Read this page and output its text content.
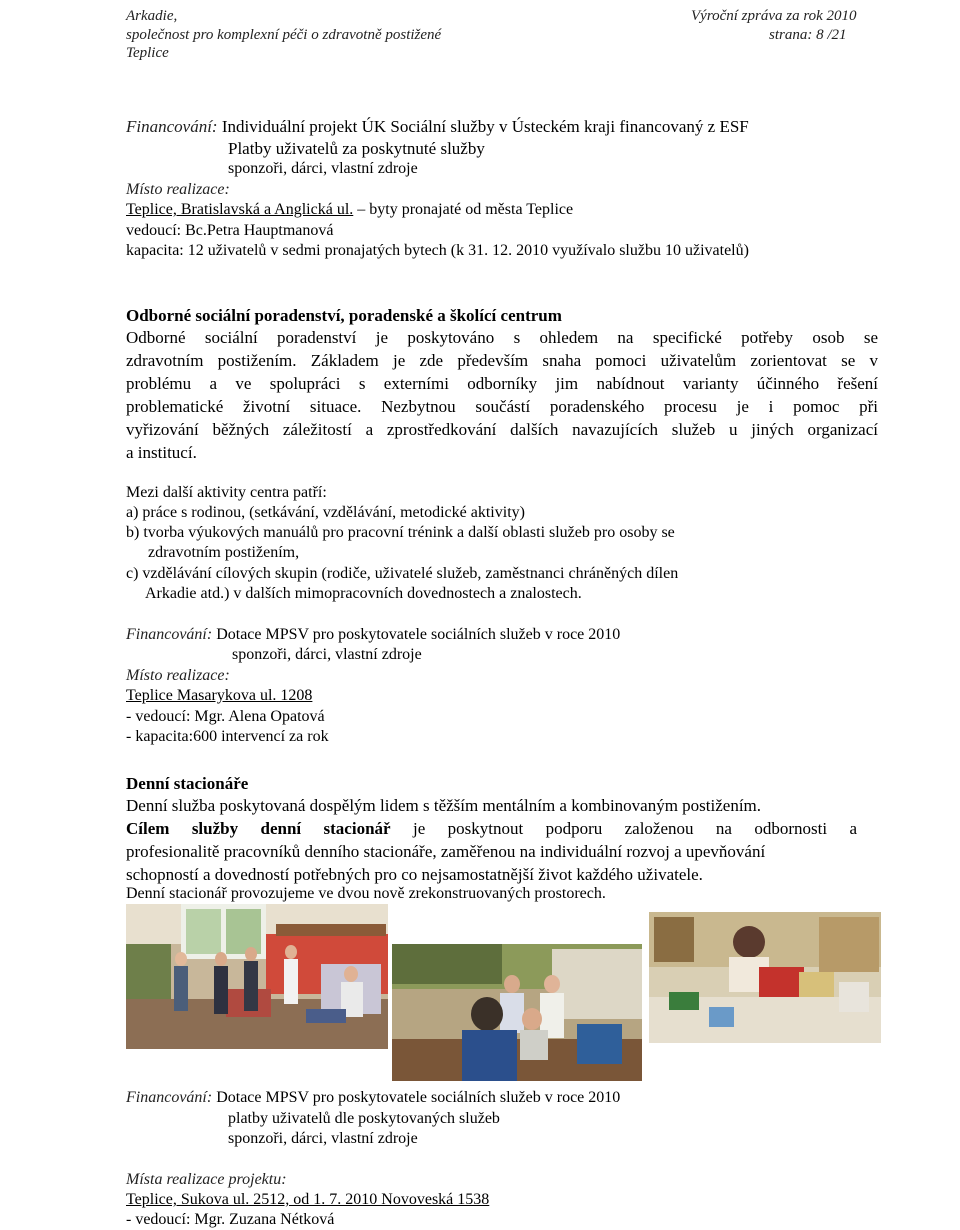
Arkadie,
společnost pro komplexní péči o zdravotně postižené
Teplice
Výroční zpráva za rok 2010
strana: 8 /21
Financování: Individuální projekt ÚK Sociální služby v Ústeckém kraji financovaný z ESF
Platby uživatelů za poskytnuté služby
sponzoři, dárci, vlastní zdroje
Místo realizace:
Teplice, Bratislavská a Anglická ul. – byty pronajaté od města Teplice
vedoucí: Bc.Petra Hauptmanová
kapacita: 12 uživatelů v sedmi pronajatých bytech (k 31. 12. 2010 využívalo službu 10 uživatelů)
Odborné sociální poradenství, poradenské a školící centrum
Odborné sociální poradenství je poskytováno s ohledem na specifické potřeby osob se
zdravotním postižením. Základem je zde především snaha pomoci uživatelům zorientovat se v
problému a ve spolupráci s externími odborníky jim nabídnout varianty účinného řešení
problematické životní situace. Nezbytnou součástí poradenského procesu je i pomoc při
vyřizování běžných záležitostí a zprostředkování dalších navazujících služeb u jiných organizací
a institucí.
Mezi další aktivity centra patří:
a) práce s rodinou, (setkávání, vzdělávání, metodické aktivity)
b) tvorba výukových manuálů pro pracovní trénink a další oblasti služeb pro osoby se
zdravotním postižením,
c) vzdělávání cílových skupin (rodiče, uživatelé služeb, zaměstnanci chráněných dílen
Arkadie atd.) v dalších mimopracovních dovednostech a znalostech.
Financování: Dotace MPSV pro poskytovatele sociálních služeb v roce 2010
sponzoři, dárci, vlastní zdroje
Místo realizace:
Teplice Masarykova ul. 1208
- vedoucí: Mgr. Alena Opatová
- kapacita:600 intervencí za rok
Denní stacionáře
Denní služba poskytovaná dospělým lidem s těžším mentálním a kombinovaným postižením.
Cílem služby denní stacionář je poskytnout podporu založenou na odbornosti a
profesionalitě pracovníků denního stacionáře, zaměřenou na individuální rozvoj a upevňování
schopností a dovedností potřebných pro co nejsamostatnější život každého uživatele.
Denní stacionář provozujeme ve dvou nově zrekonstruovaných prostorech.
Financování: Dotace MPSV pro poskytovatele sociálních služeb v roce 2010
platby uživatelů dle poskytovaných služeb
sponzoři, dárci, vlastní zdroje
Místa realizace projektu:
Teplice, Sukova ul. 2512, od 1. 7. 2010 Novoveská 1538
- vedoucí: Mgr. Zuzana Nétková
